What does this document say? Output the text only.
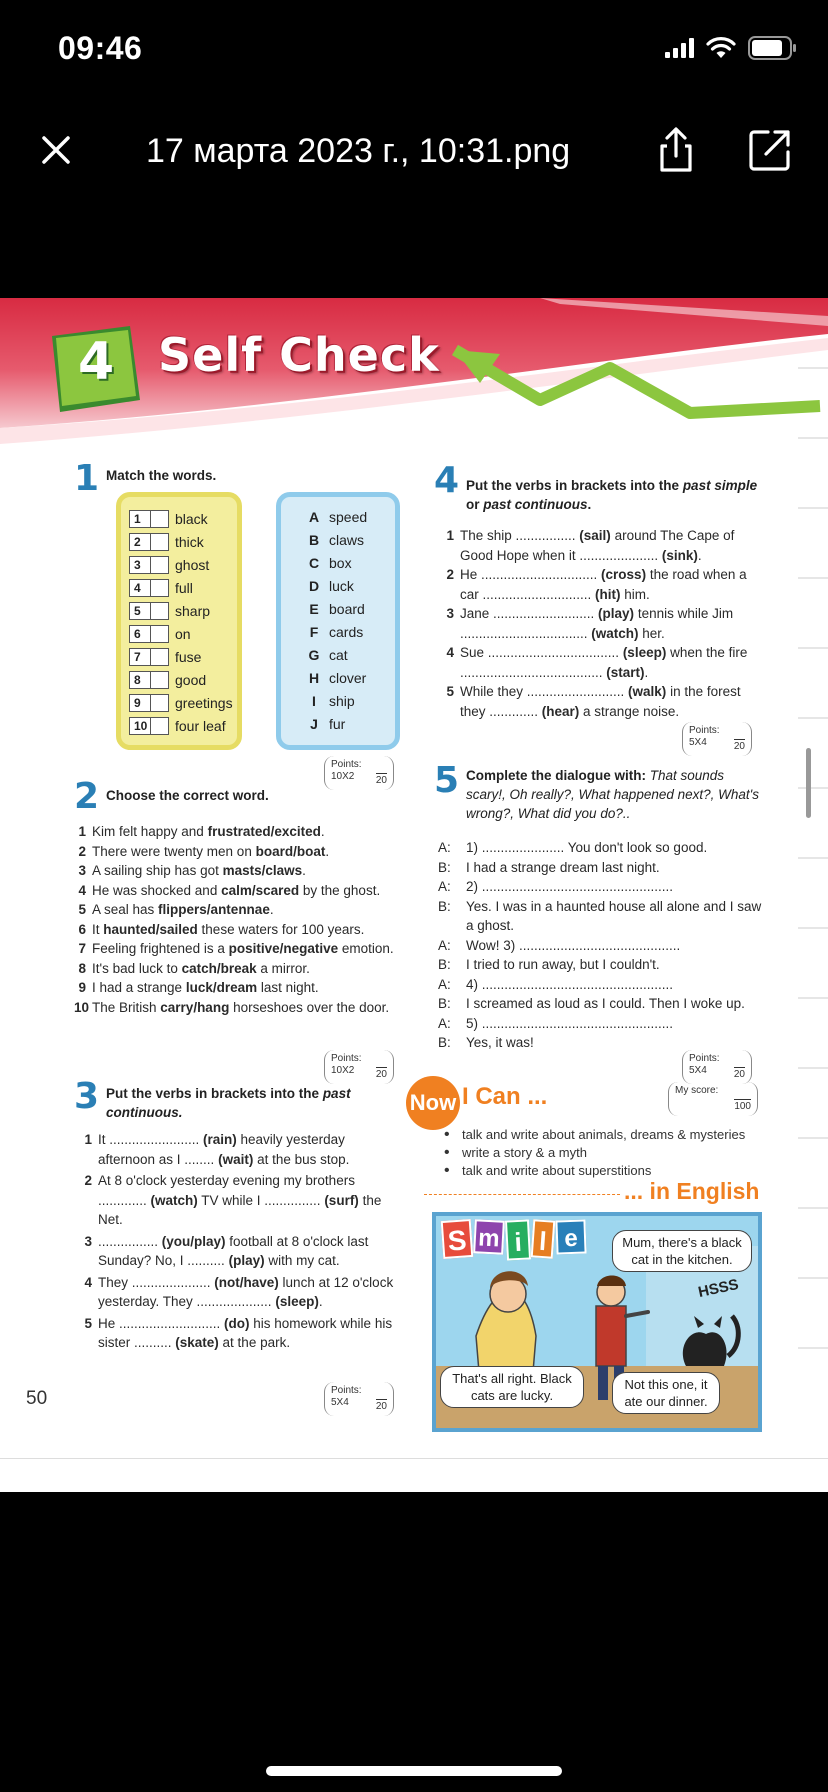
09:46
17 марта 2023 г., 10:31.png
4 Self Check
1 Match the words.
1	black
2	thick
3	ghost
4	full
5	sharp
6	on
7	fuse
8	good
9	greetings
10	four leaf
A speed
B claws
C box
D luck
E board
F cards
G cat
H clover
I ship
J fur
Points:
10X2	20
2 Choose the correct word.
1 Kim felt happy and frustrated/excited.
2 There were twenty men on board/boat.
3 A sailing ship has got masts/claws.
4 He was shocked and calm/scared by the ghost.
5 A seal has flippers/antennae.
6 It haunted/sailed these waters for 100 years.
7 Feeling frightened is a positive/negative emotion.
8 It's bad luck to catch/break a mirror.
9 I had a strange luck/dream last night.
10 The British carry/hang horseshoes over the door.
Points:
10X2	20
3 Put the verbs in brackets into the past
continuous.
1 It ........................ (rain) heavily yesterday afternoon as I ........ (wait) at the bus stop.
2 At 8 o'clock yesterday evening my brothers ............. (watch) TV while I ............... (surf) the Net.
3 ................ (you/play) football at 8 o'clock last Sunday? No, I .......... (play) with my cat.
4 They ..................... (not/have) lunch at 12 o'clock yesterday. They .................... (sleep).
5 He ........................... (do) his homework while his sister .......... (skate) at the park.
Points:
5X4	20
50
4 Put the verbs in brackets into the past simple or past continuous.
1 The ship ................ (sail) around The Cape of Good Hope when it ..................... (sink).
2 He ............................... (cross) the road when a car ............................. (hit) him.
3 Jane ........................... (play) tennis while Jim .................................. (watch) her.
4 Sue ................................... (sleep) when the fire ...................................... (start).
5 While they .......................... (walk) in the forest they ............. (hear) a strange noise.
Points:
5X4	20
5 Complete the dialogue with: That sounds scary!, Oh really?, What happened next?, What's wrong?, What did you do?..
A:	1) ...................... You don't look so good.
B:	I had a strange dream last night.
A:	2) ...................................................
B:	Yes. I was in a haunted house all alone and I saw a ghost.
A:	Wow! 3) ...........................................
B:	I tried to run away, but I couldn't.
A:	4) ...................................................
B:	I screamed as loud as I could. Then I woke up.
A:	5) ...................................................
B:	Yes, it was!
Points:
5X4	20
Now I Can ...	My score:
100
• talk and write about animals, dreams & mysteries
• write a story & a myth
• talk and write about superstitions
... in English
S m i l e	Mum, there's a black cat in the kitchen.
HSSS
That's all right. Black cats are lucky.
Not this one, it ate our dinner.
